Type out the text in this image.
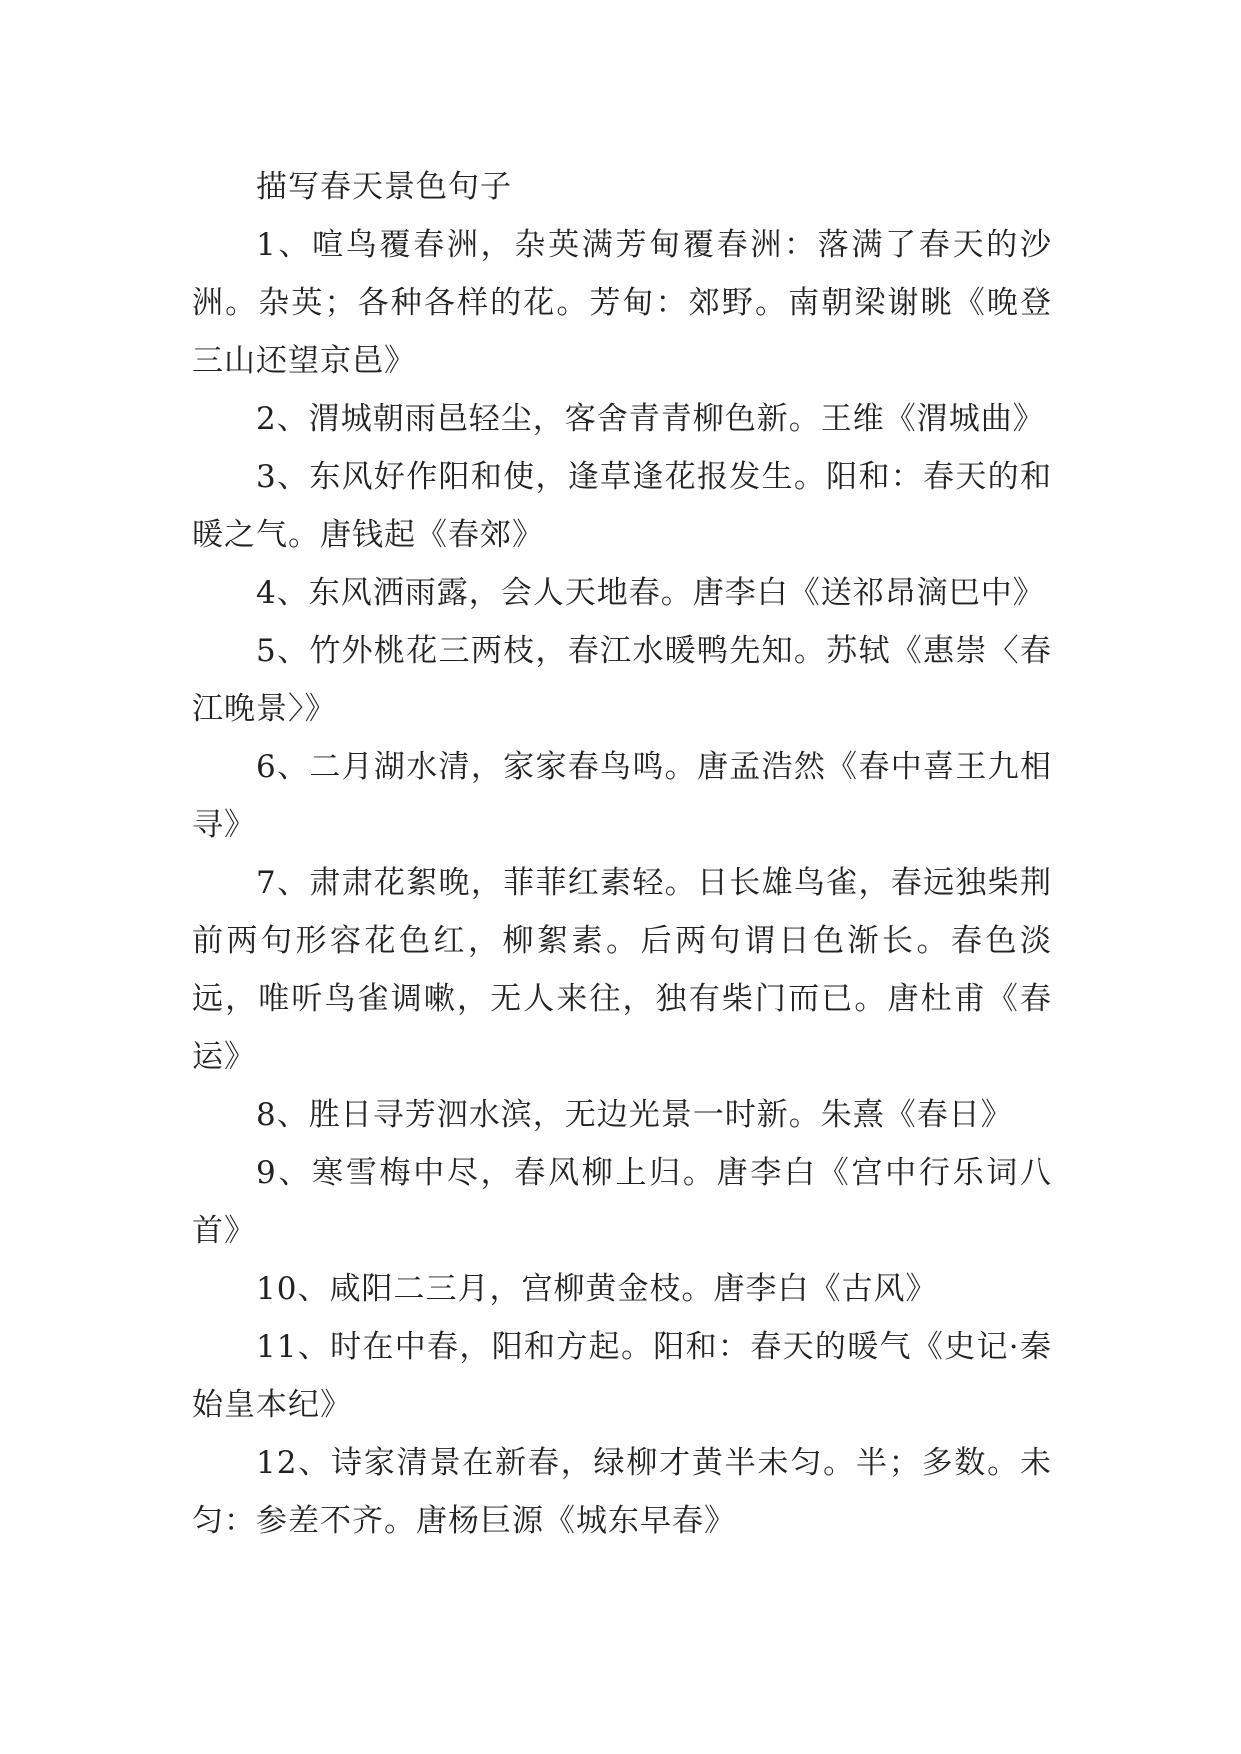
描写春天景色句子

1、喧鸟覆春洲，杂英满芳甸覆春洲：落满了春天的沙洲。杂英；各种各样的花。芳甸：郊野。南朝梁谢眺《晚登三山还望京邑》

2、渭城朝雨邑轻尘，客舍青青柳色新。王维《渭城曲》

3、东风好作阳和使，逢草逢花报发生。阳和：春天的和暖之气。唐钱起《春郊》

4、东风洒雨露，会人天地春。唐李白《送祁昂滴巴中》

5、竹外桃花三两枝，春江水暖鸭先知。苏轼《惠崇〈春江晚景〉》

6、二月湖水清，家家春鸟鸣。唐孟浩然《春中喜王九相寻》

7、肃肃花絮晚，菲菲红素轻。日长雄鸟雀，春远独柴荆前两句形容花色红，柳絮素。后两句谓日色渐长。春色淡远，唯听鸟雀调嗽，无人来往，独有柴门而已。唐杜甫《春运》

8、胜日寻芳泗水滨，无边光景一时新。朱熹《春日》

9、寒雪梅中尽，春风柳上归。唐李白《宫中行乐词八首》

10、咸阳二三月，宫柳黄金枝。唐李白《古风》

11、时在中春，阳和方起。阳和：春天的暖气《史记·秦始皇本纪》

12、诗家清景在新春，绿柳才黄半未匀。半；多数。未匀：参差不齐。唐杨巨源《城东早春》
